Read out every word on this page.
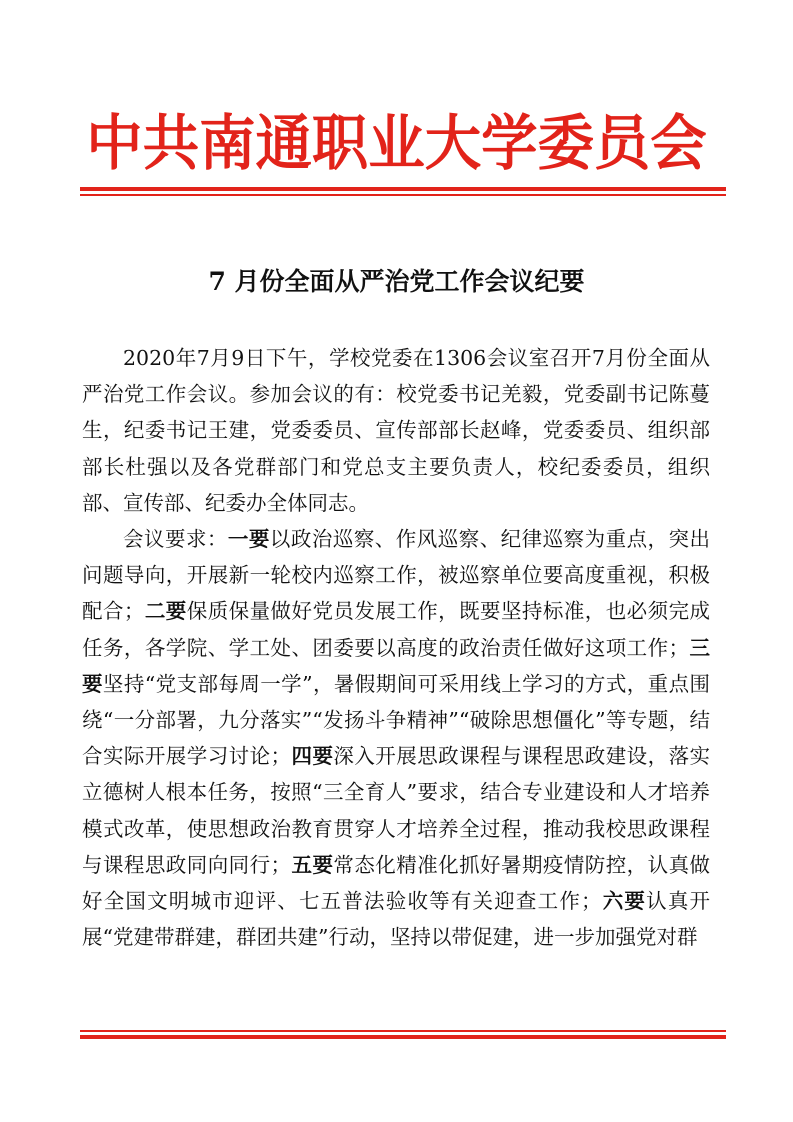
中共南通职业大学委员会
7 月份全面从严治党工作会议纪要

2020年7月9日下午，学校党委在1306会议室召开7月份全面从严治党工作会议。参加会议的有：校党委书记羌毅，党委副书记陈蔓生，纪委书记王建，党委委员、宣传部部长赵峰，党委委员、组织部部长杜强以及各党群部门和党总支主要负责人，校纪委委员，组织部、宣传部、纪委办全体同志。

会议要求：一要以政治巡察、作风巡察、纪律巡察为重点，突出问题导向，开展新一轮校内巡察工作，被巡察单位要高度重视，积极配合；二要保质保量做好党员发展工作，既要坚持标准，也必须完成任务，各学院、学工处、团委要以高度的政治责任做好这项工作；三要坚持“党支部每周一学”，暑假期间可采用线上学习的方式，重点围绕“一分部署，九分落实”“发扬斗争精神”“破除思想僵化”等专题，结合实际开展学习讨论；四要深入开展思政课程与课程思政建设，落实立德树人根本任务，按照“三全育人”要求，结合专业建设和人才培养模式改革，使思想政治教育贯穿人才培养全过程，推动我校思政课程与课程思政同向同行；五要常态化精准化抓好暑期疫情防控，认真做好全国文明城市迎评、七五普法验收等有关迎查工作；六要认真开展“党建带群建，群团共建”行动，坚持以带促建，进一步加强党对群
